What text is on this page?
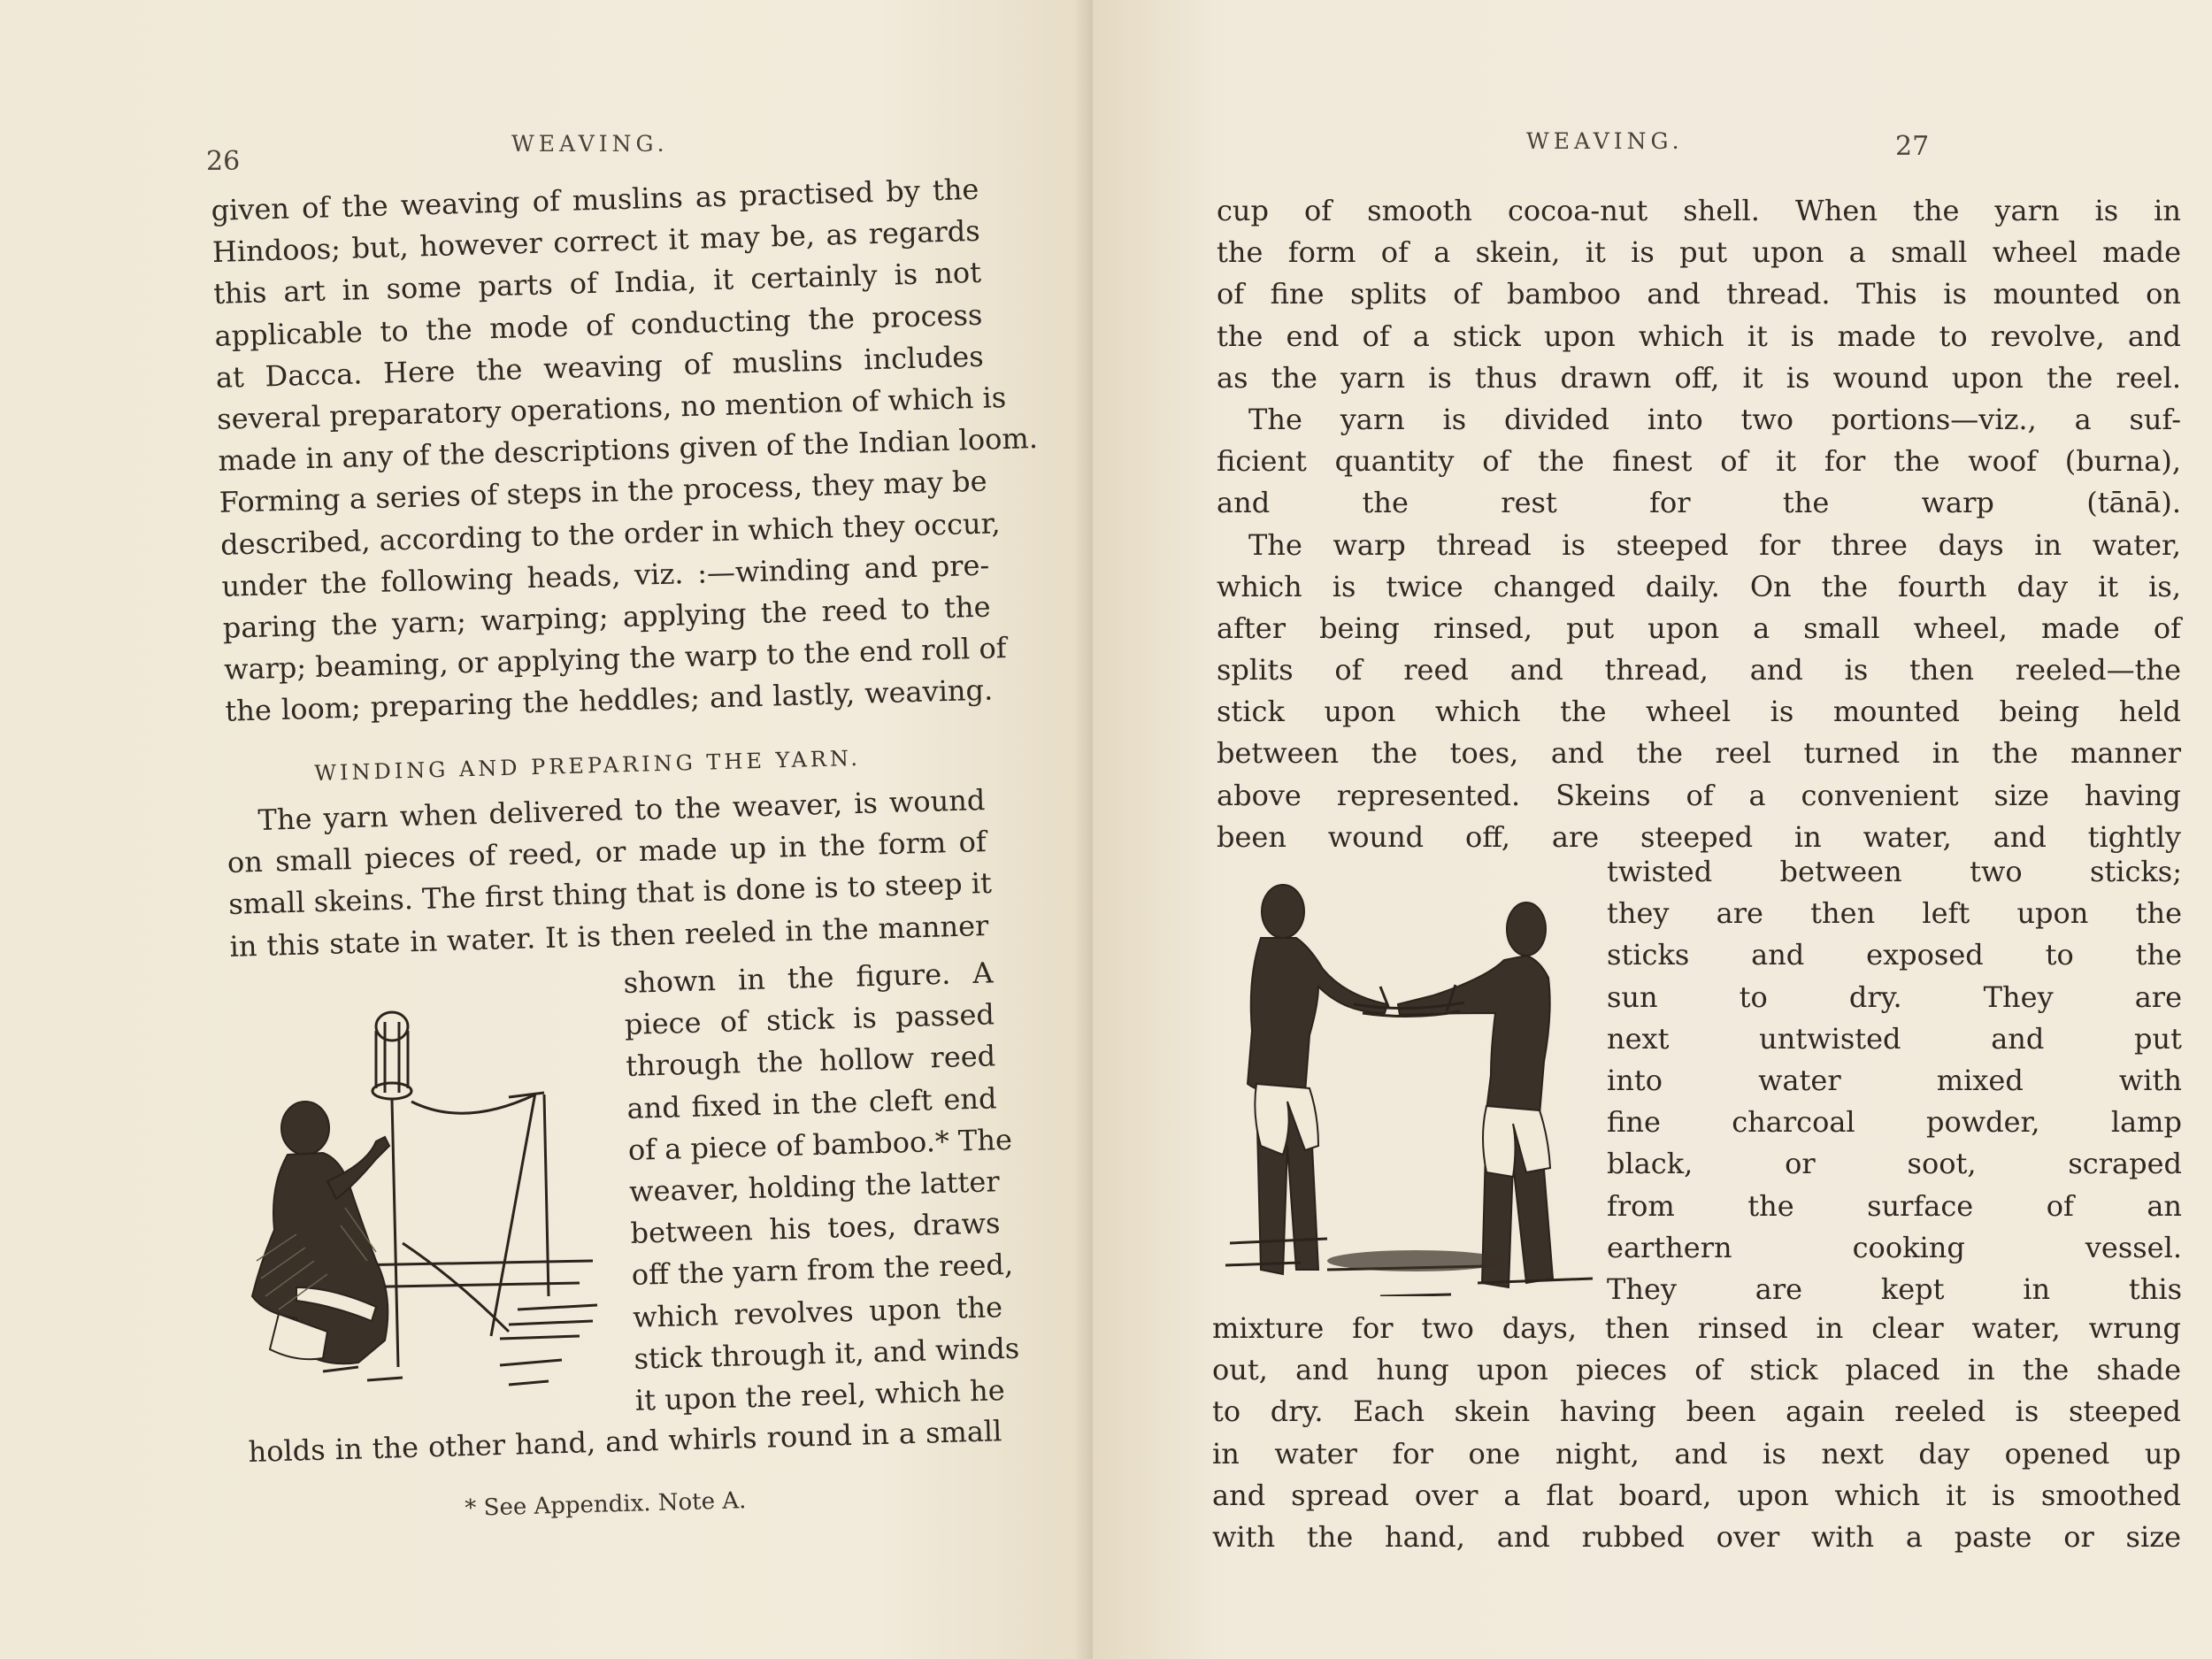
26
WEAVING.
given of the weaving of muslins as practised by the
Hindoos; but, however correct it may be, as regards
this art in some parts of India, it certainly is not
applicable to the mode of conducting the process
at Dacca. Here the weaving of muslins includes
several preparatory operations, no mention of which is
made in any of the descriptions given of the Indian loom.
Forming a series of steps in the process, they may be
described, according to the order in which they occur,
under the following heads, viz. :—winding and pre-
paring the yarn; warping; applying the reed to the
warp; beaming, or applying the warp to the end roll of
the loom; preparing the heddles; and lastly, weaving.
WINDING AND PREPARING THE YARN.
The yarn when delivered to the weaver, is wound
on small pieces of reed, or made up in the form of
small skeins. The first thing that is done is to steep it
in this state in water. It is then reeled in the manner
shown in the figure. A
piece of stick is passed
through the hollow reed
and fixed in the cleft end
of a piece of bamboo.* The
weaver, holding the latter
between his toes, draws
off the yarn from the reed,
which revolves upon the
stick through it, and winds
it upon the reel, which he
holds in the other hand, and whirls round in a small
* See Appendix. Note A.
WEAVING.	27
cup of smooth cocoa-nut shell. When the yarn is in
the form of a skein, it is put upon a small wheel made
of fine splits of bamboo and thread. This is mounted on
the end of a stick upon which it is made to revolve, and
as the yarn is thus drawn off, it is wound upon the reel.
The yarn is divided into two portions—viz., a suf-
ficient quantity of the finest of it for the woof (burna),
and the rest for the warp (tānā).
The warp thread is steeped for three days in water,
which is twice changed daily. On the fourth day it is,
after being rinsed, put upon a small wheel, made of
splits of reed and thread, and is then reeled—the
stick upon which the wheel is mounted being held
between the toes, and the reel turned in the manner
above represented. Skeins of a convenient size having
been wound off, are steeped in water, and tightly
twisted between two sticks;
they are then left upon the
sticks and exposed to the
sun to dry. They are
next untwisted and put
into water mixed with
fine charcoal powder, lamp
black, or soot, scraped
from the surface of an
earthern cooking vessel.
They are kept in this
mixture for two days, then rinsed in clear water, wrung
out, and hung upon pieces of stick placed in the shade
to dry. Each skein having been again reeled is steeped
in water for one night, and is next day opened up
and spread over a flat board, upon which it is smoothed
with the hand, and rubbed over with a paste or size
